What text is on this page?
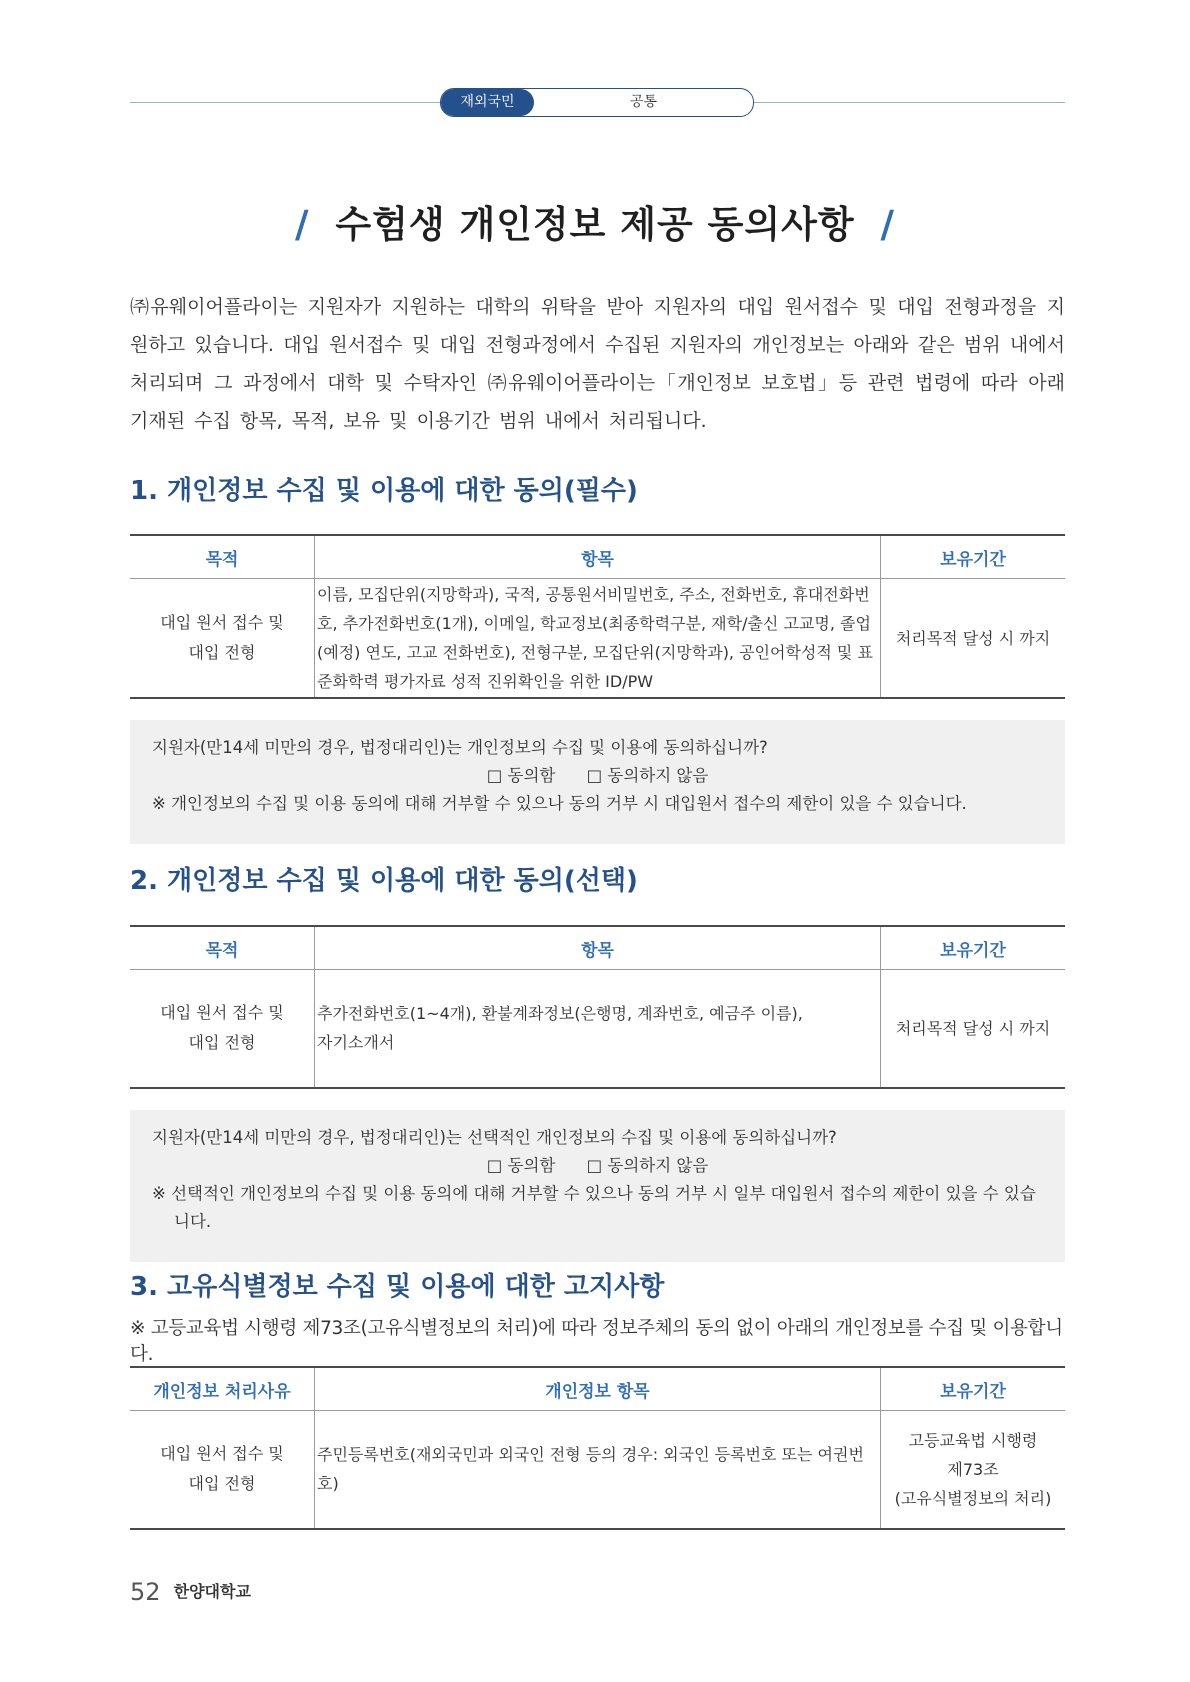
재외국민	공통
/ 수험생 개인정보 제공 동의사항 /
㈜유웨이어플라이는 지원자가 지원하는 대학의 위탁을 받아 지원자의 대입 원서접수 및 대입 전형과정을 지원하고 있습니다. 대입 원서접수 및 대입 전형과정에서 수집된 지원자의 개인정보는 아래와 같은 범위 내에서 처리되며 그 과정에서 대학 및 수탁자인 ㈜유웨이어플라이는「개인정보 보호법」등 관련 법령에 따라 아래 기재된 수집 항목, 목적, 보유 및 이용기간 범위 내에서 처리됩니다.
1. 개인정보 수집 및 이용에 대한 동의(필수)
목적	항목	보유기간
대입 원서 접수 및
대입 전형	이름, 모집단위(지망학과), 국적, 공통원서비밀번호, 주소, 전화번호, 휴대전화번호, 추가전화번호(1개), 이메일, 학교정보(최종학력구분, 재학/출신 고교명, 졸업(예정) 연도, 고교 전화번호), 전형구분, 모집단위(지망학과), 공인어학성적 및 표준화학력 평가자료 성적 진위확인을 위한 ID/PW	처리목적 달성 시 까지
지원자(만14세 미만의 경우, 법정대리인)는 개인정보의 수집 및 이용에 동의하십니까?
□ 동의함 □ 동의하지 않음
※ 개인정보의 수집 및 이용 동의에 대해 거부할 수 있으나 동의 거부 시 대입원서 접수의 제한이 있을 수 있습니다.
2. 개인정보 수집 및 이용에 대한 동의(선택)
목적	항목	보유기간
대입 원서 접수 및
대입 전형	추가전화번호(1~4개), 환불계좌정보(은행명, 계좌번호, 예금주 이름), 자기소개서	처리목적 달성 시 까지
지원자(만14세 미만의 경우, 법정대리인)는 선택적인 개인정보의 수집 및 이용에 동의하십니까?
□ 동의함 □ 동의하지 않음
※ 선택적인 개인정보의 수집 및 이용 동의에 대해 거부할 수 있으나 동의 거부 시 일부 대입원서 접수의 제한이 있을 수 있습니다.
3. 고유식별정보 수집 및 이용에 대한 고지사항
※ 고등교육법 시행령 제73조(고유식별정보의 처리)에 따라 정보주체의 동의 없이 아래의 개인정보를 수집 및 이용합니다.
개인정보 처리사유	개인정보 항목	보유기간
대입 원서 접수 및
대입 전형	주민등록번호(재외국민과 외국인 전형 등의 경우: 외국인 등록번호 또는 여권번호)	고등교육법 시행령
제73조
(고유식별정보의 처리)
52 한양대학교
